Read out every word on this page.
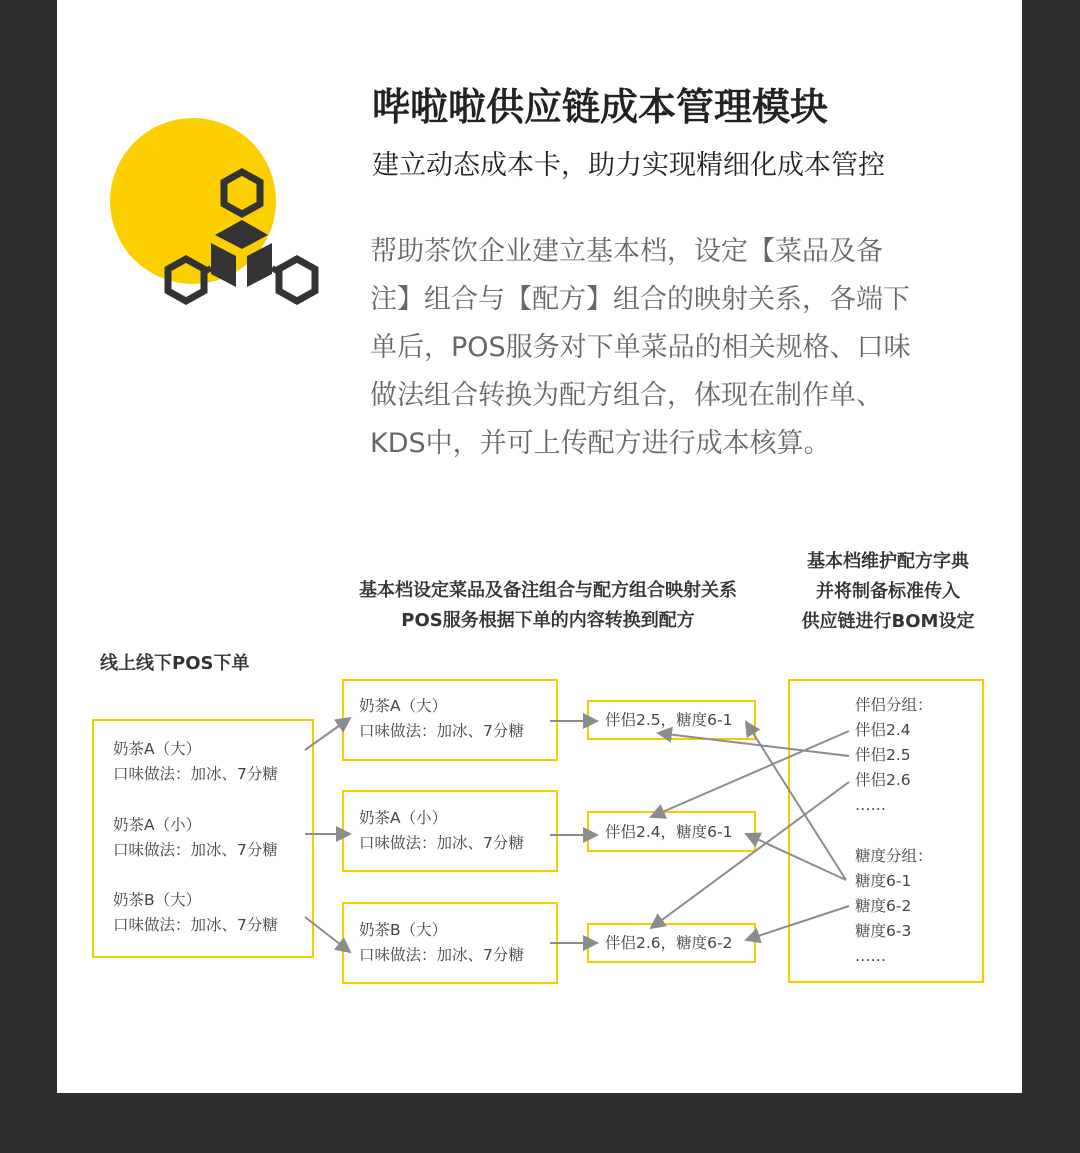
哔啦啦供应链成本管理模块
建立动态成本卡，助力实现精细化成本管控
帮助茶饮企业建立基本档，设定【菜品及备
注】组合与【配方】组合的映射关系，各端下
单后，POS服务对下单菜品的相关规格、口味
做法组合转换为配方组合，体现在制作单、
KDS中，并可上传配方进行成本核算。
线上线下POS下单
基本档设定菜品及备注组合与配方组合映射关系
POS服务根据下单的内容转换到配方
基本档维护配方字典
并将制备标准传入
供应链进行BOM设定
奶茶A（大）
口味做法：加冰、7分糖
奶茶A（小）
口味做法：加冰、7分糖
奶茶B（大）
口味做法：加冰、7分糖
奶茶A（大）
口味做法：加冰、7分糖
奶茶A（小）
口味做法：加冰、7分糖
奶茶B（大）
口味做法：加冰、7分糖
伴侣2.5，糖度6-1
伴侣2.4，糖度6-1
伴侣2.6，糖度6-2
伴侣分组：
伴侣2.4
伴侣2.5
伴侣2.6
……
糖度分组：
糖度6-1
糖度6-2
糖度6-3
……
